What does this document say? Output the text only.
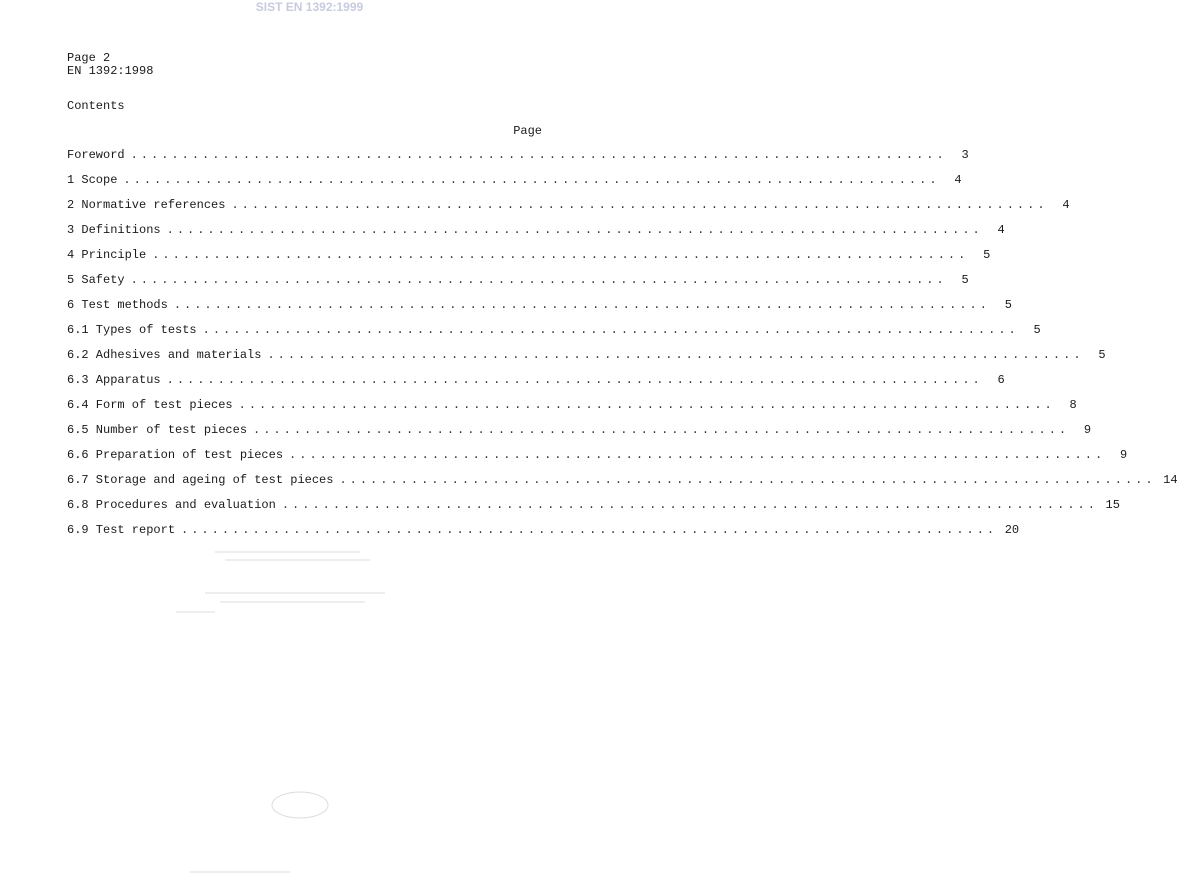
SIST EN 1392:1999
Page 2
EN 1392:1998
Contents
Page
Foreword ................................................................................	3
1 Scope ................................................................................	4
2 Normative references ................................................................................	4
3 Definitions ................................................................................	4
4 Principle ................................................................................	5
5 Safety ................................................................................	5
6 Test methods ................................................................................	5
6.1 Types of tests ................................................................................	5
6.2 Adhesives and materials ................................................................................	5
6.3 Apparatus ................................................................................	6
6.4 Form of test pieces ................................................................................	8
6.5 Number of test pieces ................................................................................	9
6.6 Preparation of test pieces ................................................................................	9
6.7 Storage and ageing of test pieces ................................................................................ 14
6.8 Procedures and evaluation ................................................................................ 15
6.9 Test report ................................................................................ 20
